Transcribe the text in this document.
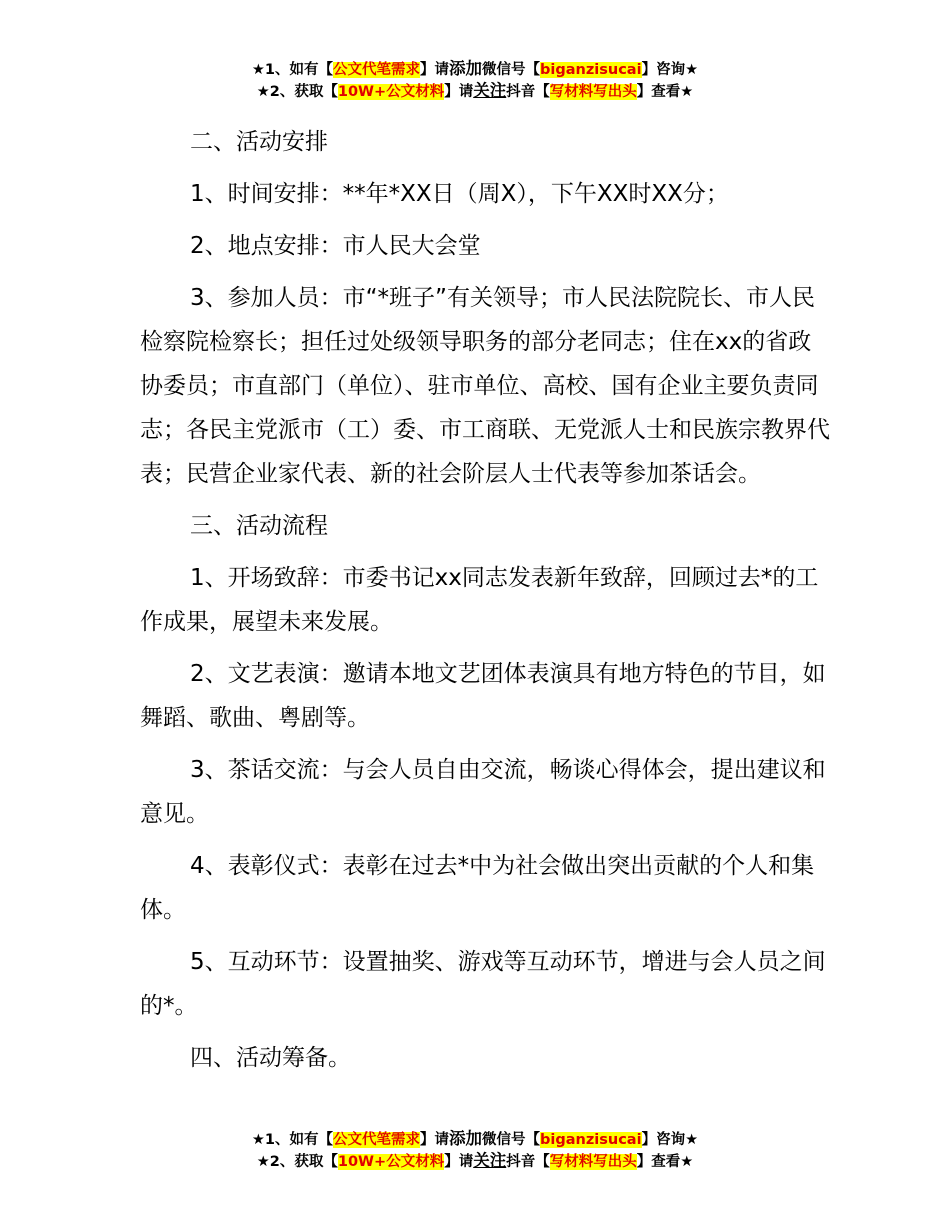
★1、如有【公文代笔需求】请添加微信号【biganzisucai】咨询★
★2、获取【10W+公文材料】请关注抖音【写材料写出头】查看★

二、活动安排

1、时间安排：**年*XX日（周X），下午XX时XX分；

2、地点安排：市人民大会堂

3、参加人员：市“*班子”有关领导；市人民法院院长、市人民检察院检察长；担任过处级领导职务的部分老同志；住在xx的省政协委员；市直部门（单位）、驻市单位、高校、国有企业主要负责同志；各民主党派市（工）委、市工商联、无党派人士和民族宗教界代表；民营企业家代表、新的社会阶层人士代表等参加茶话会。

三、活动流程

1、开场致辞：市委书记xx同志发表新年致辞，回顾过去*的工作成果，展望未来发展。

2、文艺表演：邀请本地文艺团体表演具有地方特色的节目，如舞蹈、歌曲、粤剧等。

3、茶话交流：与会人员自由交流，畅谈心得体会，提出建议和意见。

4、表彰仪式：表彰在过去*中为社会做出突出贡献的个人和集体。

5、互动环节：设置抽奖、游戏等互动环节，增进与会人员之间的*。

四、活动筹备。

★1、如有【公文代笔需求】请添加微信号【biganzisucai】咨询★
★2、获取【10W+公文材料】请关注抖音【写材料写出头】查看★
